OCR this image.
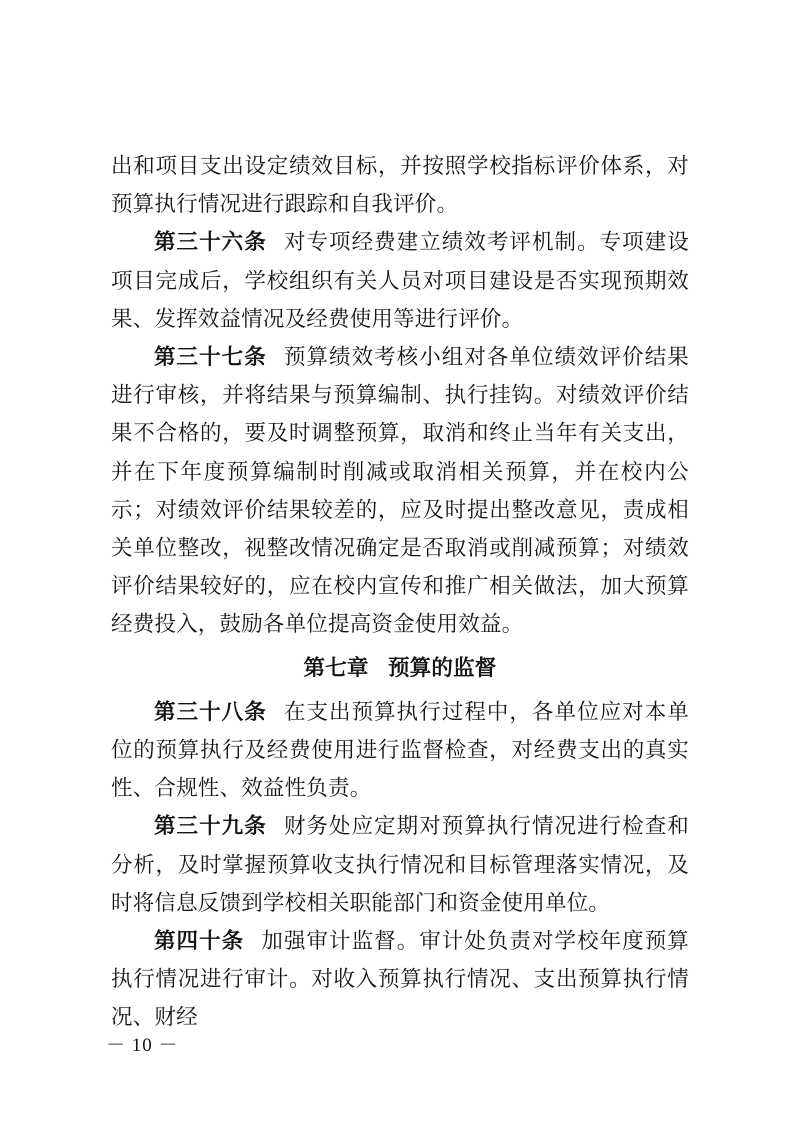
出和项目支出设定绩效目标，并按照学校指标评价体系，对预算执行情况进行跟踪和自我评价。

第三十六条 对专项经费建立绩效考评机制。专项建设项目完成后，学校组织有关人员对项目建设是否实现预期效果、发挥效益情况及经费使用等进行评价。

第三十七条 预算绩效考核小组对各单位绩效评价结果进行审核，并将结果与预算编制、执行挂钩。对绩效评价结果不合格的，要及时调整预算，取消和终止当年有关支出，并在下年度预算编制时削减或取消相关预算，并在校内公示；对绩效评价结果较差的，应及时提出整改意见，责成相关单位整改，视整改情况确定是否取消或削减预算；对绩效评价结果较好的，应在校内宣传和推广相关做法，加大预算经费投入，鼓励各单位提高资金使用效益。

第七章 预算的监督

第三十八条 在支出预算执行过程中，各单位应对本单位的预算执行及经费使用进行监督检查，对经费支出的真实性、合规性、效益性负责。

第三十九条 财务处应定期对预算执行情况进行检查和分析，及时掌握预算收支执行情况和目标管理落实情况，及时将信息反馈到学校相关职能部门和资金使用单位。

第四十条 加强审计监督。审计处负责对学校年度预算执行情况进行审计。对收入预算执行情况、支出预算执行情况、财经

－ 10 －
